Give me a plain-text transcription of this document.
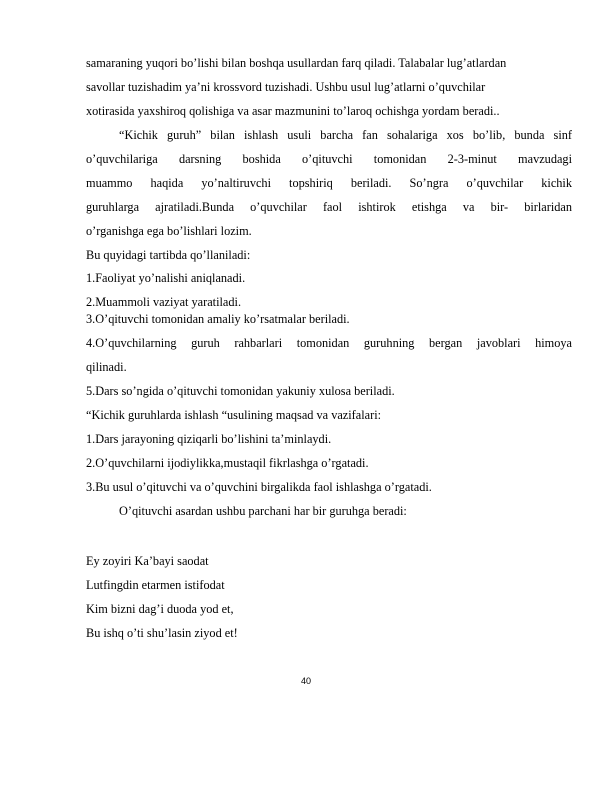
samaraning yuqori bo’lishi bilan boshqa usullardan farq qiladi. Talabalar lug’atlardan
savollar tuzishadim ya’ni krossvord tuzishadi. Ushbu usul lug’atlarni o’quvchilar
xotirasida yaxshiroq qolishiga va asar mazmunini to’laroq ochishga yordam beradi..
“Kichik guruh” bilan ishlash usuli barcha fan sohalariga xos bo’lib, bunda sinf
o’quvchilariga darsning boshida o’qituvchi tomonidan 2-3-minut mavzudagi
muammo haqida yo’naltiruvchi topshiriq beriladi. So’ngra o’quvchilar kichik
guruhlarga ajratiladi.Bunda o’quvchilar faol ishtirok etishga va bir- birlaridan
o’rganishga ega bo’lishlari lozim.
Bu quyidagi tartibda qo’llaniladi:
1.Faoliyat yo’nalishi aniqlanadi.
2.Muammoli vaziyat yaratiladi.
3.O’qituvchi tomonidan amaliy ko’rsatmalar beriladi.
4.O’quvchilarning guruh rahbarlari tomonidan guruhning bergan javoblari himoya
qilinadi.
5.Dars so’ngida o’qituvchi tomonidan yakuniy xulosa beriladi.
“Kichik guruhlarda ishlash “usulining maqsad va vazifalari:
1.Dars jarayoning qiziqarli bo’lishini ta’minlaydi.
2.O’quvchilarni ijodiylikka,mustaqil fikrlashga o’rgatadi.
3.Bu usul o’qituvchi va o’quvchini birgalikda faol ishlashga o’rgatadi.
O’qituvchi asardan ushbu parchani har bir guruhga beradi:
Ey zoyiri Ka’bayi saodat
Lutfingdin etarmen istifodat
Kim bizni dag’i duoda yod et,
Bu ishq o’ti shu’lasin ziyod et!
40
